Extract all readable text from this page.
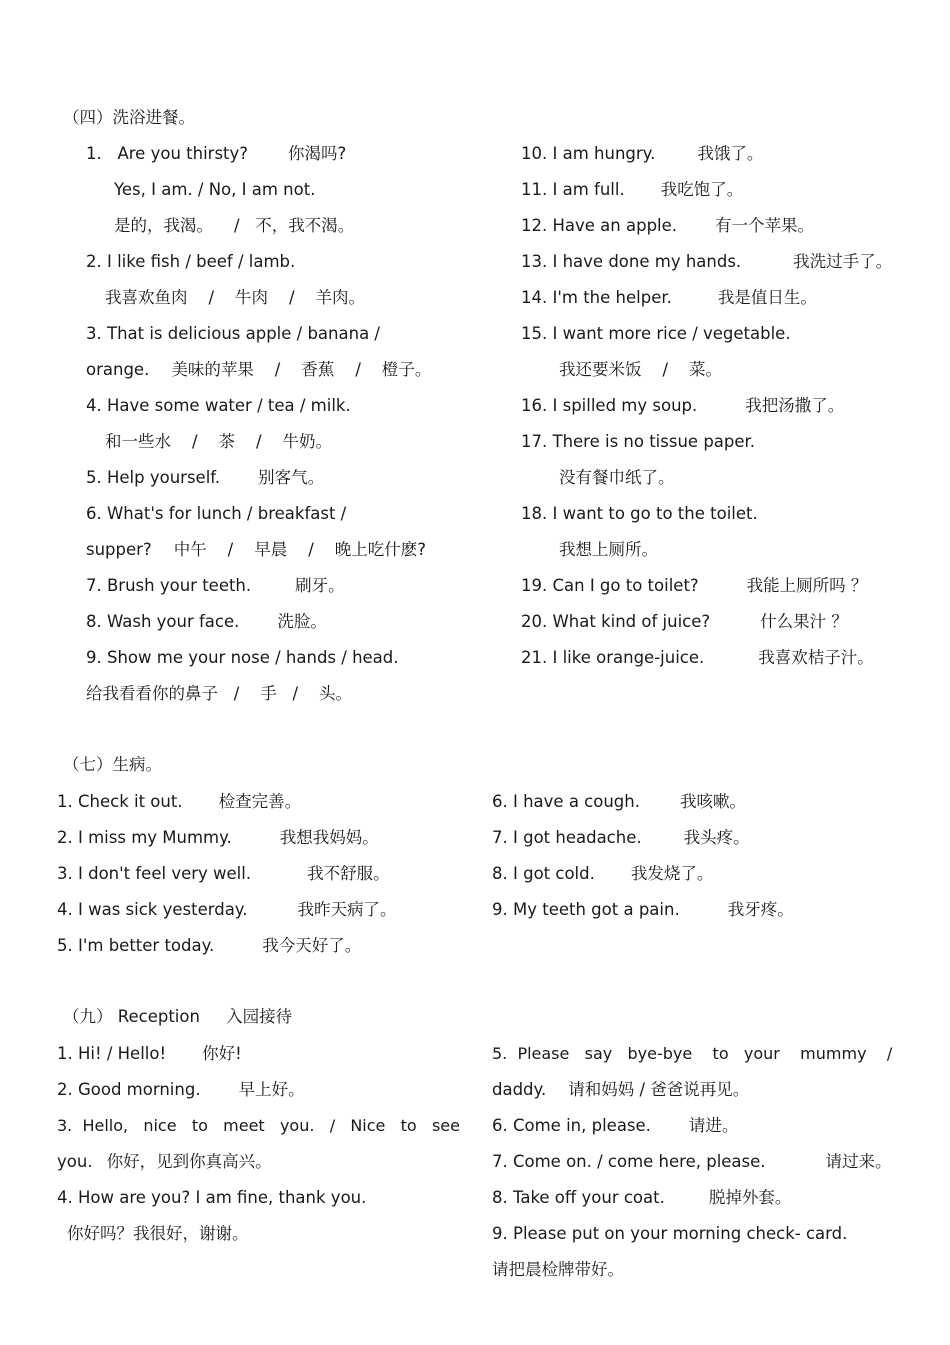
（四）洗浴进餐。
1.   Are you thirsty? 你渴吗?
Yes, I am. / No, I am not.
是的，我渴。    /   不，我不渴。
2. I like fish / beef / lamb.
我喜欢鱼肉    /    牛肉    /    羊肉。
3. That is delicious apple / banana /
orange. 美味的苹果    /    香蕉    /    橙子。
4. Have some water / tea / milk.
和一些水    /    茶    /    牛奶。
5. Help yourself. 别客气。
6. What's for lunch / breakfast /
supper? 中午    /    早晨    /    晚上吃什麽?
7. Brush your teeth.	刷牙。
8. Wash your face. 洗脸。
9. Show me your nose / hands / head.
给我看看你的鼻子   /    手   /    头。
10. I am hungry.	我饿了。
11. I am full. 我吃饱了。
12. Have an apple. 有一个苹果。
13. I have done my hands.	我洗过手了。
14. I'm the helper.	我是值日生。
15. I want more rice / vegetable.
我还要米饭    /    菜。
16. I spilled my soup.	我把汤撒了。
17. There is no tissue paper.
没有餐巾纸了。
18. I want to go to the toilet.
我想上厕所。
19. Can I go to toilet?	我能上厕所吗 ？
20. What kind of juice?	什么果汁 ？
21. I like orange-juice.	我喜欢桔子汁。
（七）生病。
1. Check it out. 检查完善。
2. I miss my Mummy.	我想我妈妈。
3. I don't feel very well.	我不舒服。
4. I was sick yesterday.	我昨天病了。
5. I'm better today.	我今天好了。
6. I have a cough. 我咳嗽。
7. I got headache.	我头疼。
8. I got cold. 我发烧了。
9. My teeth got a pain.	我牙疼。
（九） Reception     入园接待
1. Hi! / Hello! 你好!
2. Good morning. 早上好。
3.  Hello,   nice   to   meet   you.   /   Nice   to   see
you. 你好，见到你真高兴。
4. How are you? I am fine, thank you.
你好吗？我很好，谢谢。
5.  Please   say   bye-bye    to   your    mummy    /
daddy. 请和妈妈 / 爸爸说再见。
6. Come in, please. 请进。
7. Come on. / come here, please.	请过来。
8. Take off your coat.	脱掉外套。
9. Please put on your morning check- card.
请把晨检牌带好。
